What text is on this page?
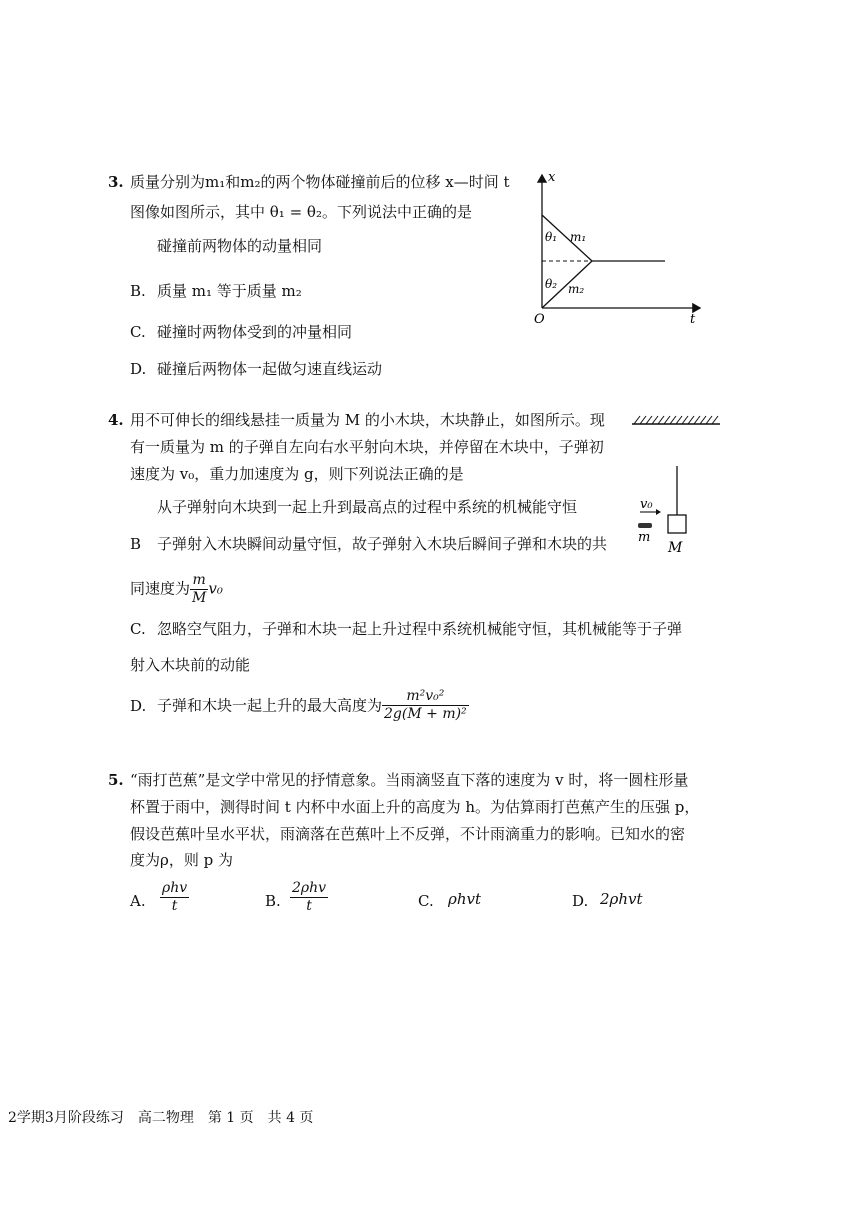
3. 质量分别为m₁和m₂的两个物体碰撞前后的位移 x—时间 t
图像如图所示，其中 θ₁ = θ₂。下列说法中正确的是
碰撞前两物体的动量相同
B. 质量 m₁ 等于质量 m₂
C. 碰撞时两物体受到的冲量相同
D. 碰撞后两物体一起做匀速直线运动
x
t
O
θ₁ m₁
θ₂ m₂
4. 用不可伸长的细线悬挂一质量为 M 的小木块，木块静止，如图所示。现
有一质量为 m 的子弹自左向右水平射向木块，并停留在木块中，子弹初
速度为 v₀，重力加速度为 g，则下列说法正确的是
从子弹射向木块到一起上升到最高点的过程中系统的机械能守恒
B 子弹射入木块瞬间动量守恒，故子弹射入木块后瞬间子弹和木块的共
同速度为 $\frac{m}{M} v_0$
C. 忽略空气阻力，子弹和木块一起上升过程中系统机械能守恒，其机械能等于子弹
射入木块前的动能
D. 子弹和木块一起上升的最大高度为 $\frac{\text{m²v₀²}}{\text{2g(M + m)²}}$
M
m
v₀
5. “雨打芭蕉”是文学中常见的抒情意象。当雨滴竖直下落的速度为 v 时，将一圆柱形量
杯置于雨中，测得时间 t 内杯中水面上升的高度为 h。为估算雨打芭蕉产生的压强 p，
假设芭蕉叶呈水平状，雨滴落在芭蕉叶上不反弹，不计雨滴重力的影响。已知水的密
度为ρ，则 p 为
A.
ρhv
t	B.
2ρhv
t	C. ρhvt	D. 2ρhvt
2学期3月阶段练习　高二物理　第 1 页　共 4 页
